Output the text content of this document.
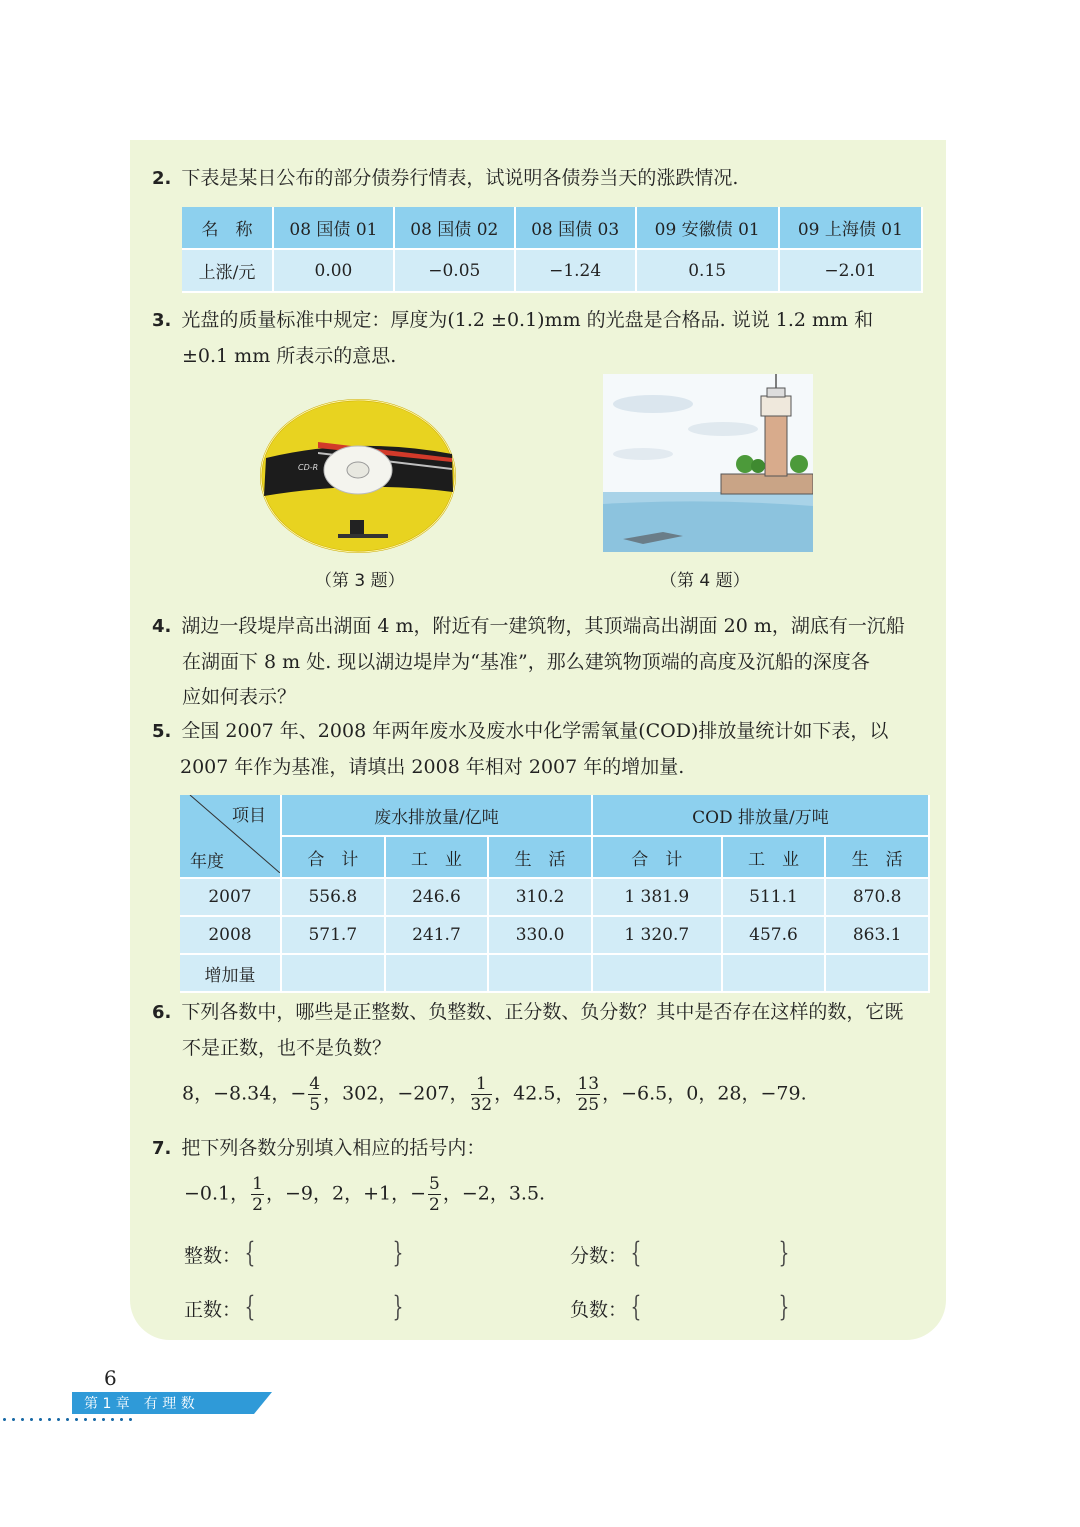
2. 下表是某日公布的部分债券行情表，试说明各债券当天的涨跌情况.
名　称	08 国债 01	08 国债 02	08 国债 03	09 安徽债 01	09 上海债 01
上涨/元	0.00	−0.05	−1.24	0.15	−2.01
3. 光盘的质量标准中规定：厚度为(1.2 ±0.1)mm 的光盘是合格品. 说说 1.2 mm 和
±0.1 mm 所表示的意思.
CD-R
（第 3 题）	（第 4 题）
4. 湖边一段堤岸高出湖面 4 m，附近有一建筑物，其顶端高出湖面 20 m，湖底有一沉船
在湖面下 8 m 处. 现以湖边堤岸为“基准”，那么建筑物顶端的高度及沉船的深度各
应如何表示？
5. 全国 2007 年、2008 年两年废水及废水中化学需氧量(COD)排放量统计如下表，以
2007 年作为基准，请填出 2008 年相对 2007 年的增加量.
项目
年度	废水排放量/亿吨			COD 排放量/万吨		
	合　计	工　业	生　活	合　计	工　业	生　活
2007	556.8	246.6	310.2	1 381.9	511.1	870.8
2008	571.7	241.7	330.0	1 320.7	457.6	863.1
增加量						
6. 下列各数中，哪些是正整数、负整数、正分数、负分数？其中是否存在这样的数，它既
不是正数，也不是负数？
8，−8.34，− $\frac{4}{5}$ ，302，−207， $\frac{1}{32}$ ，42.5， $\frac{13}{25}$ ，−6.5，0，28，−79.
7. 把下列各数分别填入相应的括号内：
−0.1， $\frac{1}{2}$ ，−9，2，+1，− $\frac{5}{2}$ ，−2，3.5.
整数： {	}	分数： {	}
正数： {	}	负数： {	}
6
第 1 章　有 理 数
